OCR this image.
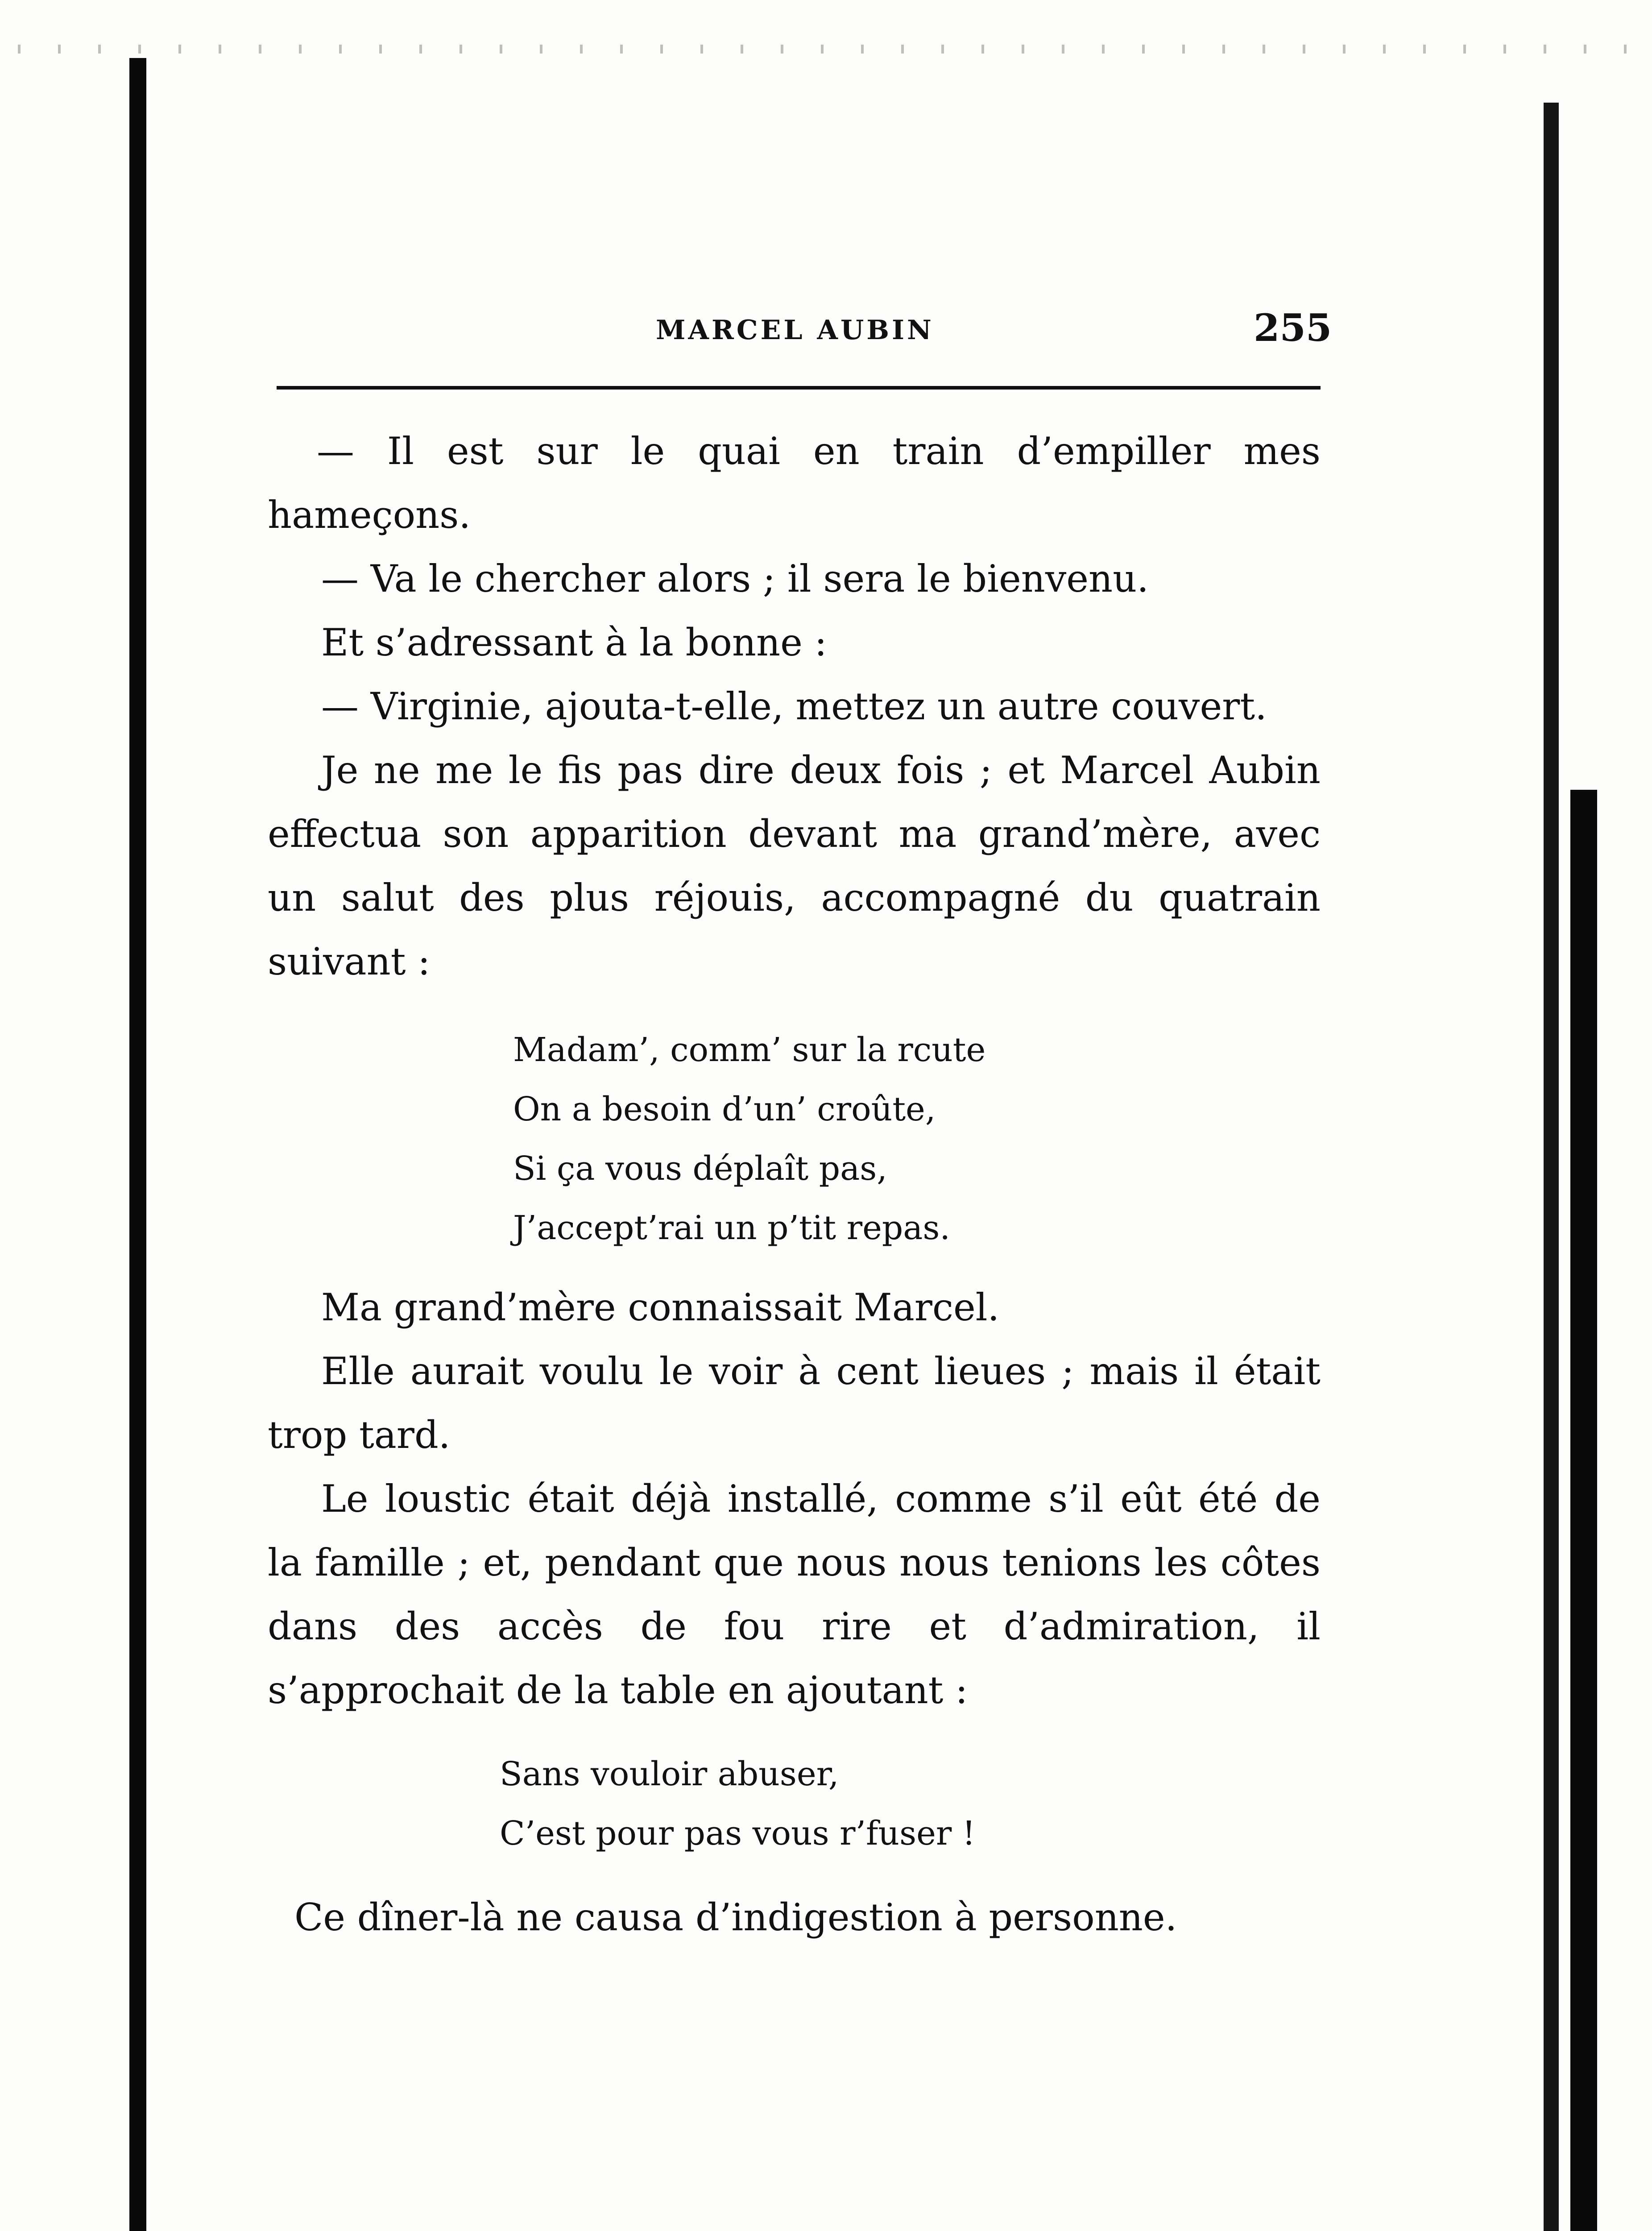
MARCEL AUBIN	255

— Il est sur le quai en train d’empiller mes hameçons.

— Va le chercher alors ; il sera le bienvenu.

Et s’adressant à la bonne :

— Virginie, ajouta-t-elle, mettez un autre couvert.

Je ne me le fis pas dire deux fois ; et Marcel Aubin effectua son apparition devant ma grand’mère, avec un salut des plus réjouis, accompagné du quatrain suivant :

Madam’, comm’ sur la rcute
On a besoin d’un’ croûte,
Si ça vous déplaît pas,
J’accept’rai un p’tit repas.

Ma grand’mère connaissait Marcel.

Elle aurait voulu le voir à cent lieues ; mais il était trop tard.

Le loustic était déjà installé, comme s’il eût été de la famille ; et, pendant que nous nous tenions les côtes dans des accès de fou rire et d’admiration, il s’approchait de la table en ajoutant :

Sans vouloir abuser,
C’est pour pas vous r’fuser !

Ce dîner-là ne causa d’indigestion à personne.
